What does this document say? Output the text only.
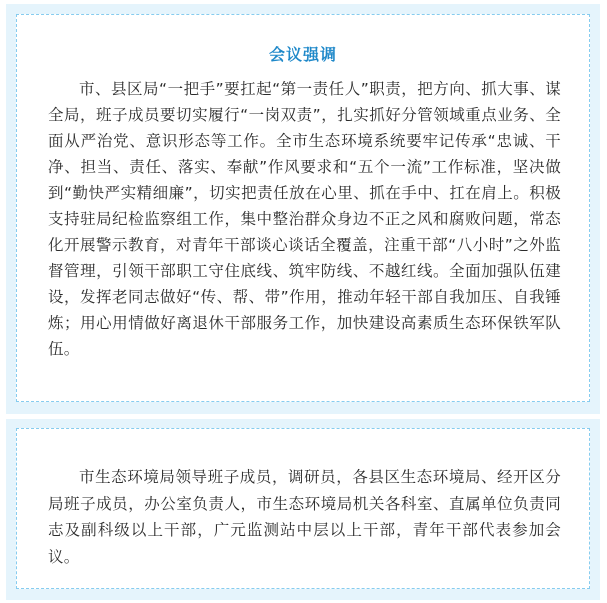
会议强调

市、县区局“一把手”要扛起“第一责任人”职责，把方向、抓大事、谋全局，班子成员要切实履行“一岗双责”，扎实抓好分管领域重点业务、全面从严治党、意识形态等工作。全市生态环境系统要牢记传承“忠诚、干净、担当、责任、落实、奉献”作风要求和“五个一流”工作标准，坚决做到“勤快严实精细廉”，切实把责任放在心里、抓在手中、扛在肩上。积极支持驻局纪检监察组工作，集中整治群众身边不正之风和腐败问题，常态化开展警示教育，对青年干部谈心谈话全覆盖，注重干部“八小时”之外监督管理，引领干部职工守住底线、筑牢防线、不越红线。全面加强队伍建设，发挥老同志做好“传、帮、带”作用，推动年轻干部自我加压、自我锤炼；用心用情做好离退休干部服务工作，加快建设高素质生态环保铁军队伍。

市生态环境局领导班子成员，调研员，各县区生态环境局、经开区分局班子成员，办公室负责人，市生态环境局机关各科室、直属单位负责同志及副科级以上干部，广元监测站中层以上干部，青年干部代表参加会议。
